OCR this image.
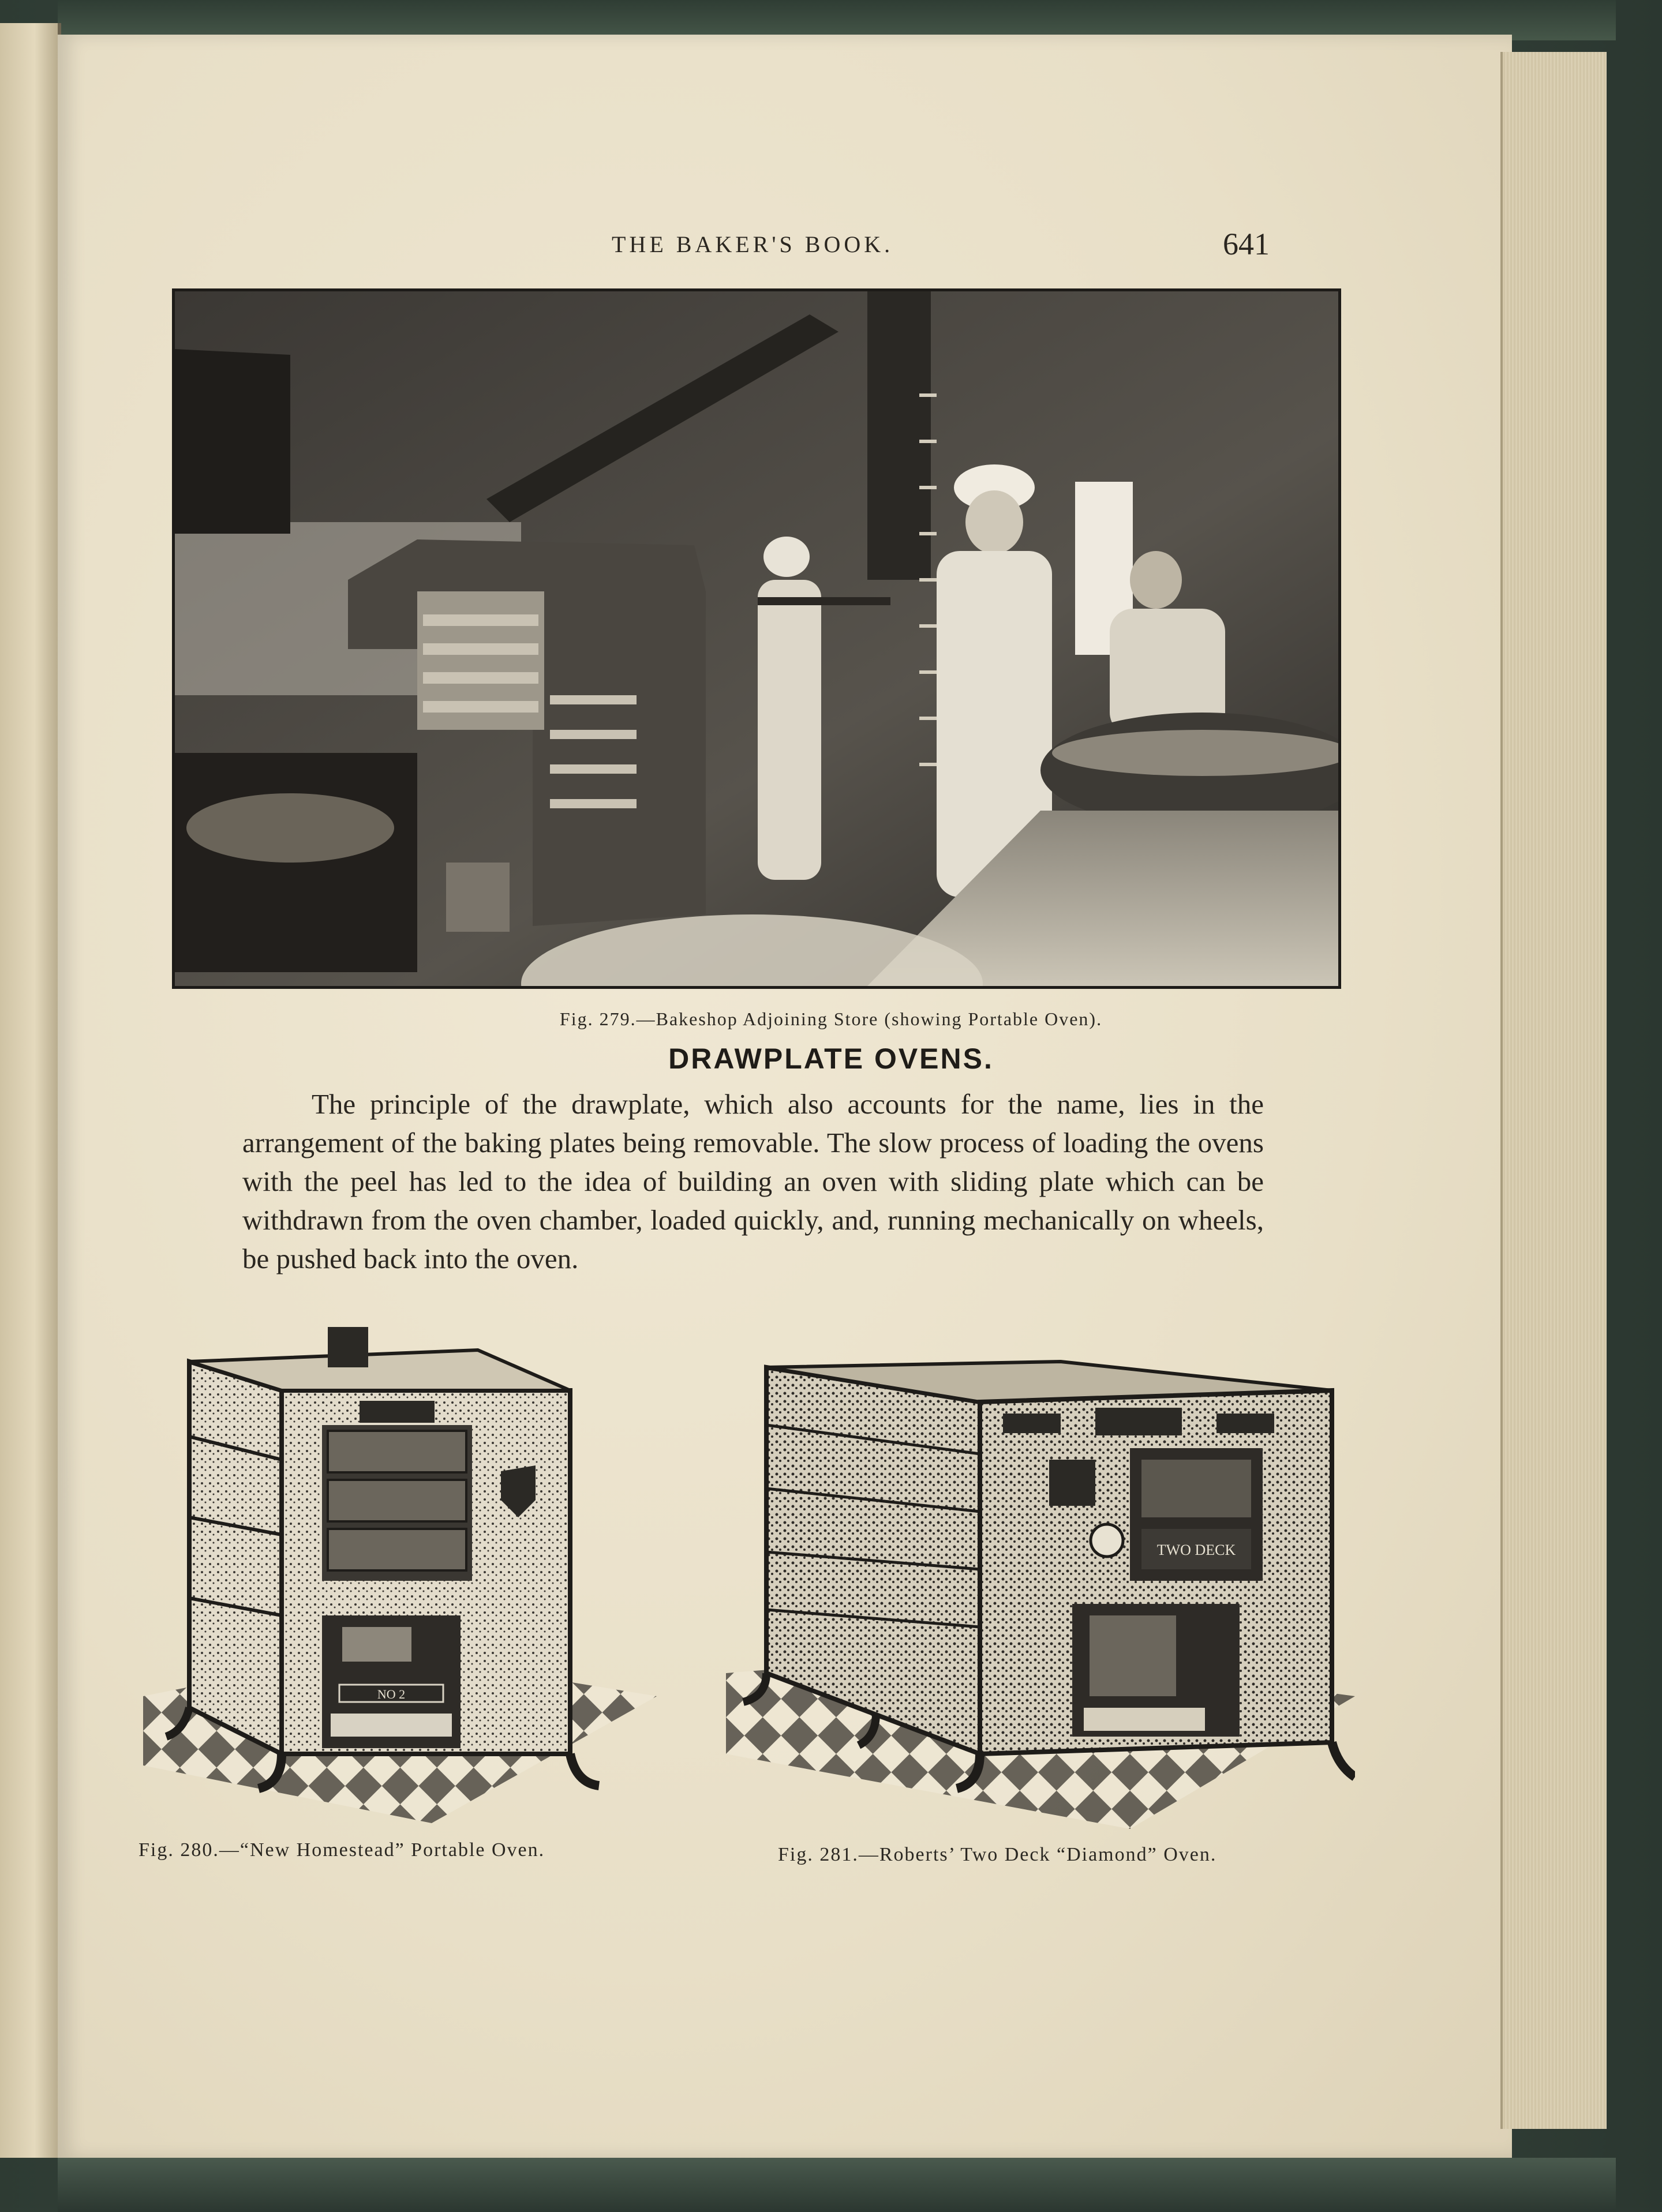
THE BAKER'S BOOK.	641
Fig. 279.—Bakeshop Adjoining Store (showing Portable Oven).
DRAWPLATE OVENS.

The principle of the drawplate, which also accounts for the name, lies in the arrangement of the baking plates being removable. The slow process of loading the ovens with the peel has led to the idea of building an oven with sliding plate which can be withdrawn from the oven chamber, loaded quickly, and, running mechanically on wheels, be pushed back into the oven.

NO 2
Fig. 280.—“New Homestead” Portable Oven.
TWO DECK
Fig. 281.—Roberts’ Two Deck “Diamond” Oven.
